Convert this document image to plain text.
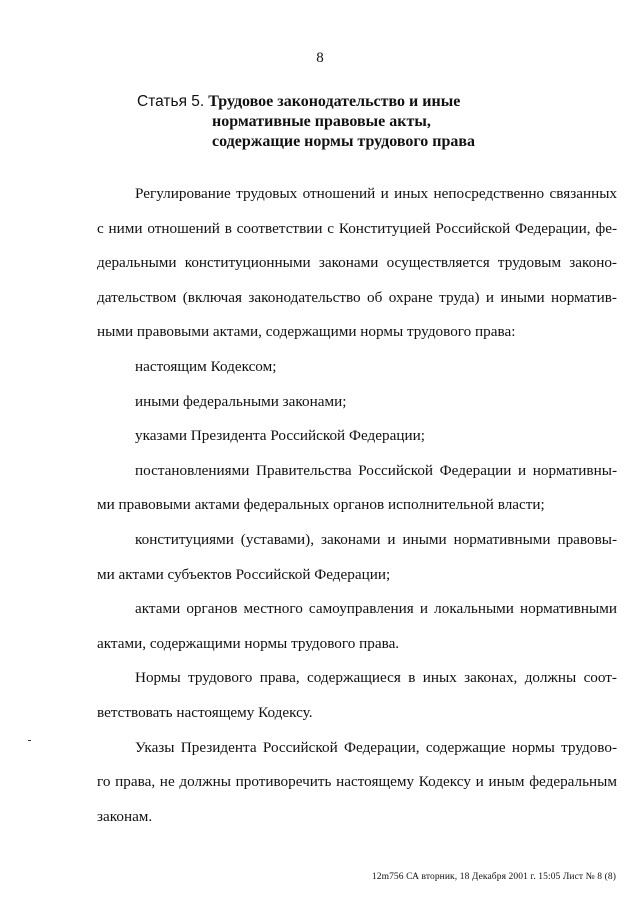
8
Статья 5. Трудовое законодательство и иные
нормативные правовые акты,
содержащие нормы трудового права
Регулирование трудовых отношений и иных непосредственно связанных
с ними отношений в соответствии с Конституцией Российской Федерации, фе-
деральными конституционными законами осуществляется трудовым законо-
дательством (включая законодательство об охране труда) и иными норматив-
ными правовыми актами, содержащими нормы трудового права:
настоящим Кодексом;
иными федеральными законами;
указами Президента Российской Федерации;
постановлениями Правительства Российской Федерации и нормативны-
ми правовыми актами федеральных органов исполнительной власти;
конституциями (уставами), законами и иными нормативными правовы-
ми актами субъектов Российской Федерации;
актами органов местного самоуправления и локальными нормативными
актами, содержащими нормы трудового права.
Нормы трудового права, содержащиеся в иных законах, должны соот-
ветствовать настоящему Кодексу.
Указы Президента Российской Федерации, содержащие нормы трудово-
го права, не должны противоречить настоящему Кодексу и иным федеральным
законам.
12m756 СА вторник, 18 Декабря 2001 г. 15:05 Лист № 8 (8)
